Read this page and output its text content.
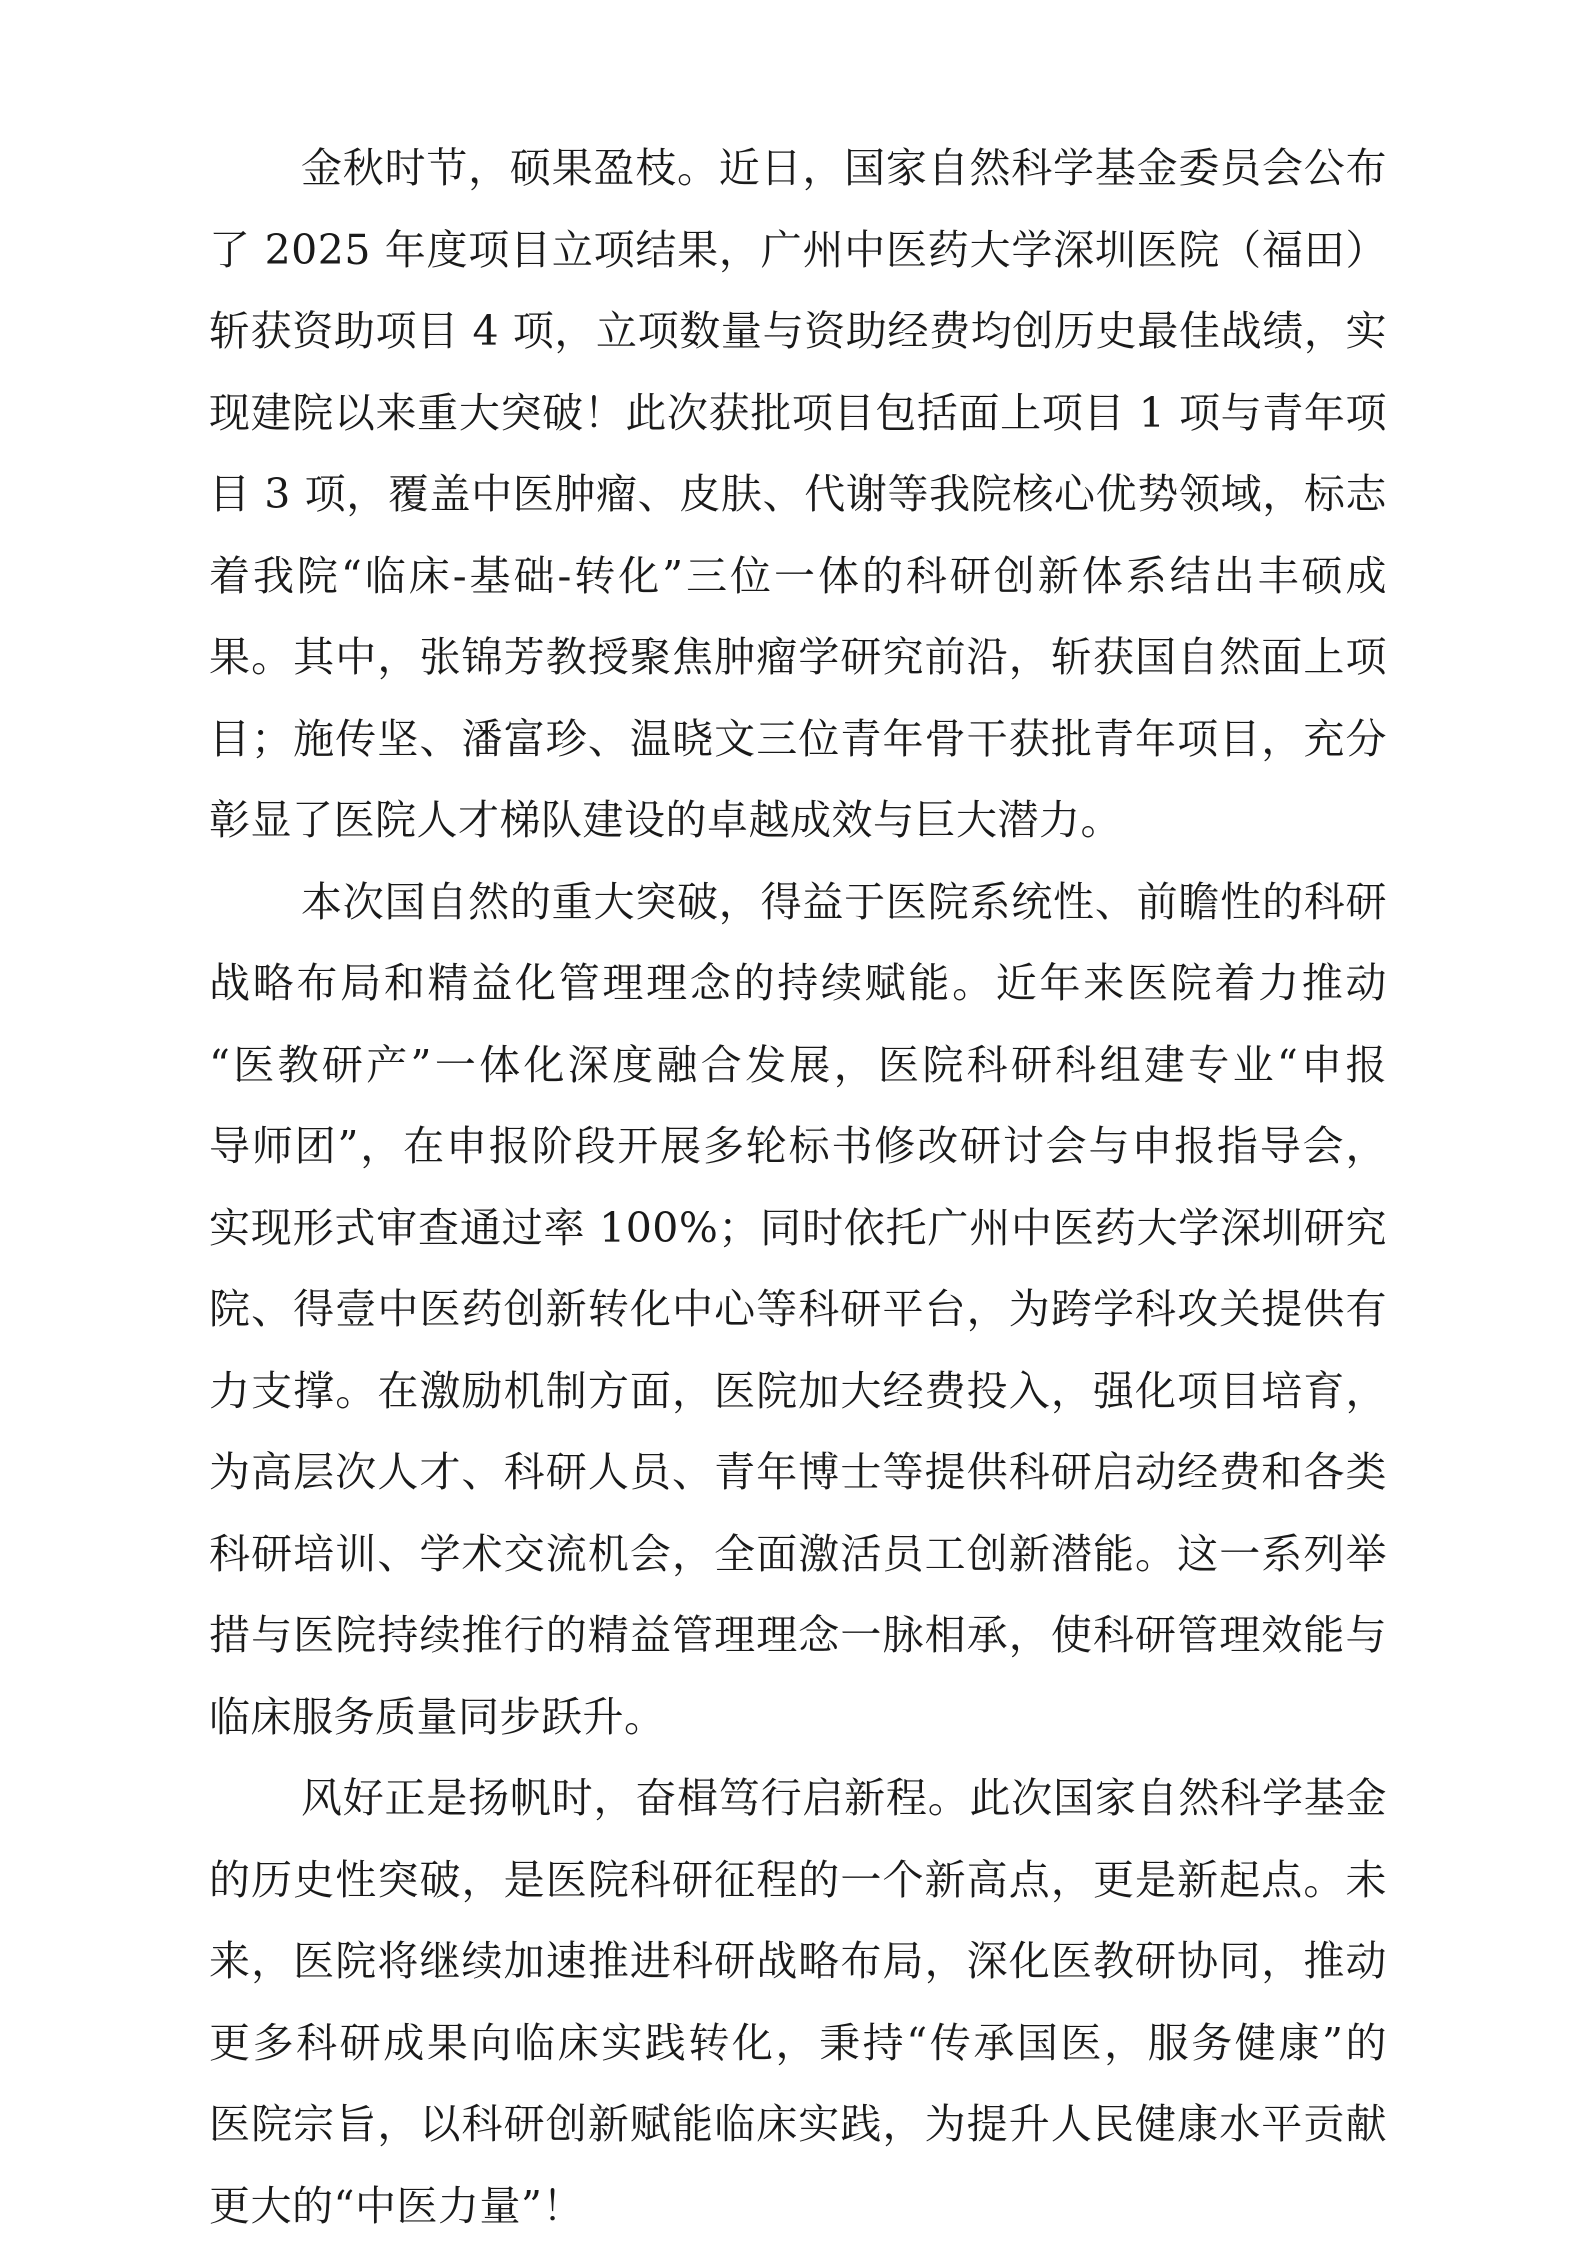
金秋时节，硕果盈枝。近日，国家自然科学基金委员会公布
了 2025 年度项目立项结果，广州中医药大学深圳医院（福田）
斩获资助项目 4 项，立项数量与资助经费均创历史最佳战绩，实
现建院以来重大突破！此次获批项目包括面上项目 1 项与青年项
目 3 项，覆盖中医肿瘤、皮肤、代谢等我院核心优势领域，标志
着我院“临床-基础-转化”三位一体的科研创新体系结出丰硕成
果。其中，张锦芳教授聚焦肿瘤学研究前沿，斩获国自然面上项
目；施传坚、潘富珍、温晓文三位青年骨干获批青年项目，充分
彰显了医院人才梯队建设的卓越成效与巨大潜力。
本次国自然的重大突破，得益于医院系统性、前瞻性的科研
战略布局和精益化管理理念的持续赋能。近年来医院着力推动
“医教研产”一体化深度融合发展，医院科研科组建专业“申报
导师团”，在申报阶段开展多轮标书修改研讨会与申报指导会，
实现形式审查通过率 100%；同时依托广州中医药大学深圳研究
院、得壹中医药创新转化中心等科研平台，为跨学科攻关提供有
力支撑。在激励机制方面，医院加大经费投入，强化项目培育，
为高层次人才、科研人员、青年博士等提供科研启动经费和各类
科研培训、学术交流机会，全面激活员工创新潜能。这一系列举
措与医院持续推行的精益管理理念一脉相承，使科研管理效能与
临床服务质量同步跃升。
风好正是扬帆时，奋楫笃行启新程。此次国家自然科学基金
的历史性突破，是医院科研征程的一个新高点，更是新起点。未
来，医院将继续加速推进科研战略布局，深化医教研协同，推动
更多科研成果向临床实践转化，秉持“传承国医，服务健康”的
医院宗旨，以科研创新赋能临床实践，为提升人民健康水平贡献
更大的“中医力量”！
